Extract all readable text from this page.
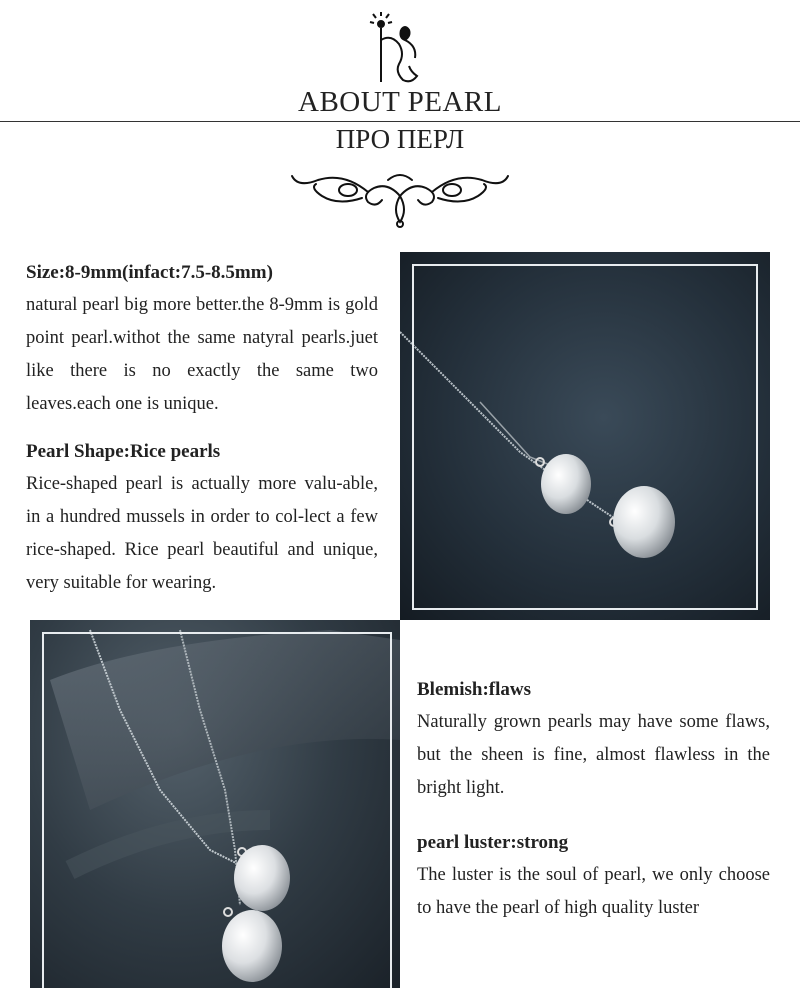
ABOUT PEARL
ПРО ПЕРЛ
Size:8-9mm(infact:7.5-8.5mm)

natural pearl big more better.the 8-9mm is gold point pearl.withot the same natyral pearls.juet like there is no exactly the same two leaves.each one is unique.

Pearl Shape:Rice pearls

Rice-shaped pearl is actually more valu-able, in a hundred mussels in order to col-lect a few rice-shaped. Rice pearl beautiful and unique, very suitable for wearing.

Blemish:flaws

Naturally grown pearls may have some flaws, but the sheen is fine, almost flawless in the bright light.

pearl luster:strong

The luster is the soul of pearl, we only choose to have the pearl of high quality luster
